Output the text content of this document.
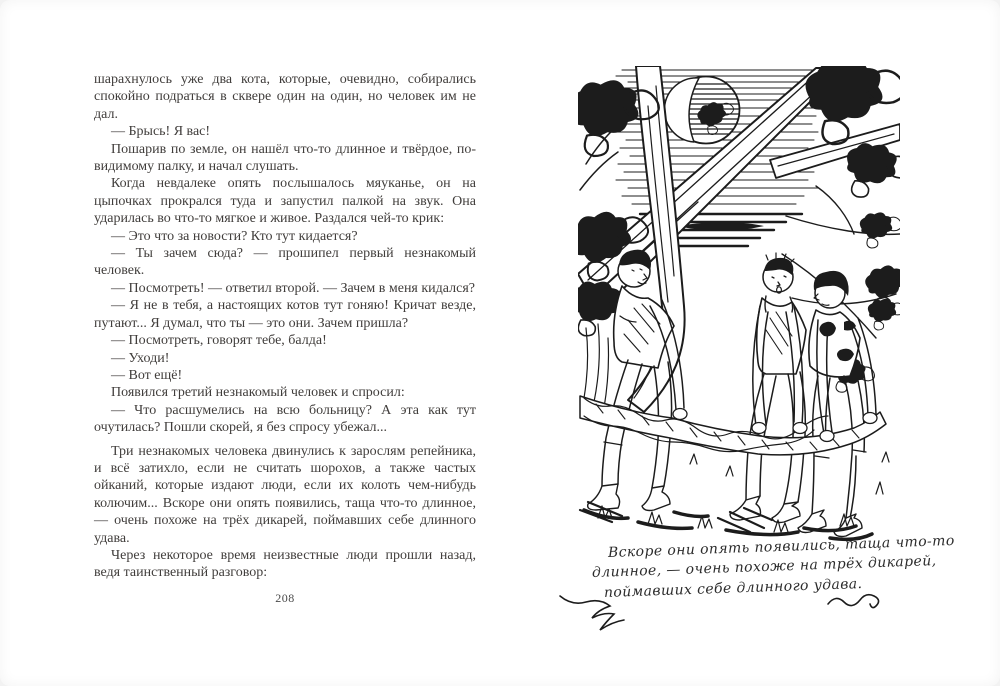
шарахнулось уже два кота, которые, очевидно, собирались спокойно подраться в сквере один на один, но человек им не дал.

— Брысь! Я вас!

Пошарив по земле, он нашёл что-то длинное и твёрдое, по-видимому палку, и начал слушать.

Когда невдалеке опять послышалось мяуканье, он на цыпочках прокрался туда и запустил палкой на звук. Она ударилась во что-то мягкое и живое. Раздался чей-то крик:

— Это что за новости? Кто тут кидается?

— Ты зачем сюда? — прошипел первый незнакомый человек.

— Посмотреть! — ответил второй. — Зачем в меня кидался?

— Я не в тебя, а настоящих котов тут гоняю! Кричат везде, путают... Я думал, что ты — это они. Зачем пришла?

— Посмотреть, говорят тебе, балда!

— Уходи!

— Вот ещё!

Появился третий незнакомый человек и спросил:

— Что расшумелись на всю больницу? А эта как тут очутилась? Пошли скорей, я без спросу убежал...

Три незнакомых человека двинулись к зарослям репейника, и всё затихло, если не считать шорохов, а также частых ойканий, которые издают люди, если их колоть чем-нибудь колючим... Вскоре они опять появились, таща что-то длинное, — очень похоже на трёх дикарей, поймавших себе длинного удава.

Через некоторое время неизвестные люди прошли назад, ведя таинственный разговор:

208
Вскоре они опять появились, таща что-то
длинное, — очень похоже на трёх дикарей,
поймавших себе длинного удава.
